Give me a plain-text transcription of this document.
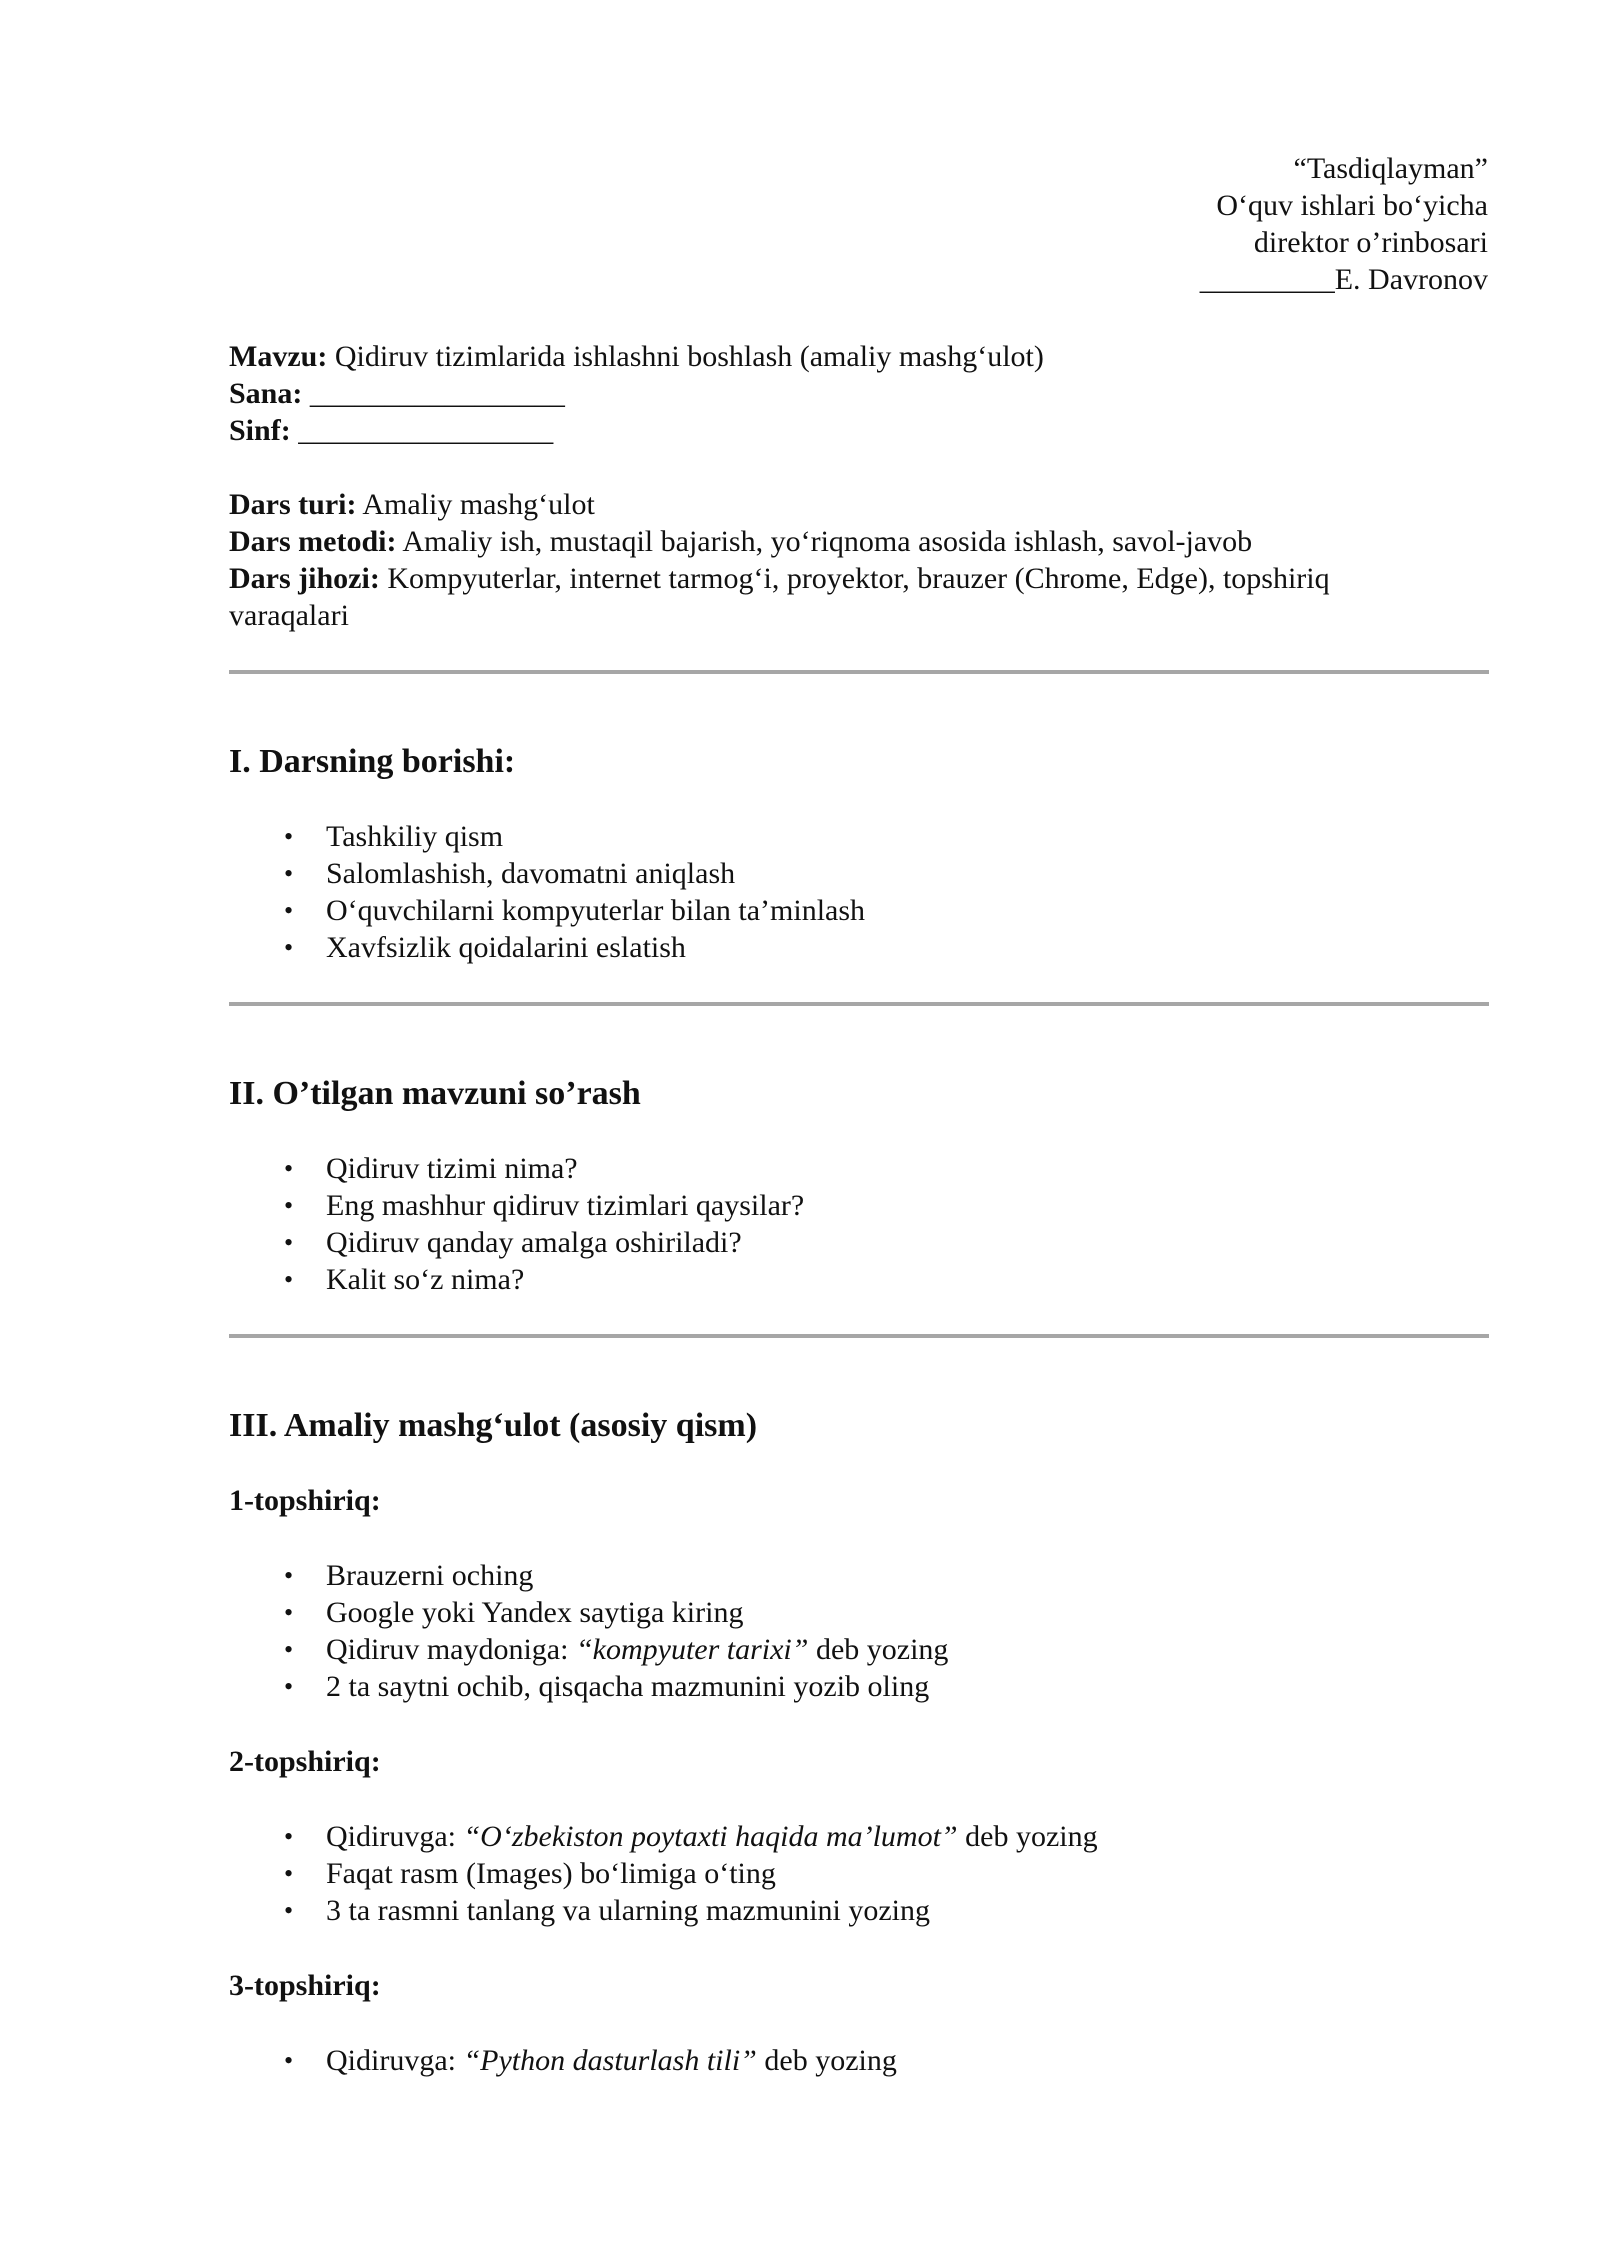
“Tasdiqlayman”
O‘quv ishlari bo‘yicha
direktor o’rinbosari
_________E. Davronov

Mavzu: Qidiruv tizimlarida ishlashni boshlash (amaliy mashg‘ulot)

Sana: _________________

Sinf: _________________

Dars turi: Amaliy mashg‘ulot

Dars metodi: Amaliy ish, mustaqil bajarish, yo‘riqnoma asosida ishlash, savol-javob

Dars jihozi: Kompyuterlar, internet tarmog‘i, proyektor, brauzer (Chrome, Edge), topshiriq

varaqalari

I. Darsning borishi:
• Tashkiliy qism
• Salomlashish, davomatni aniqlash
• O‘quvchilarni kompyuterlar bilan ta’minlash
• Xavfsizlik qoidalarini eslatish
II. O’tilgan mavzuni so’rash
• Qidiruv tizimi nima?
• Eng mashhur qidiruv tizimlari qaysilar?
• Qidiruv qanday amalga oshiriladi?
• Kalit so‘z nima?
III. Amaliy mashg‘ulot (asosiy qism)

1-topshiriq:

• Brauzerni oching
• Google yoki Yandex saytiga kiring
• Qidiruv maydoniga: “kompyuter tarixi” deb yozing
• 2 ta saytni ochib, qisqacha mazmunini yozib oling

2-topshiriq:

• Qidiruvga: “O‘zbekiston poytaxti haqida ma’lumot” deb yozing
• Faqat rasm (Images) bo‘limiga o‘ting
• 3 ta rasmni tanlang va ularning mazmunini yozing

3-topshiriq:

• Qidiruvga: “Python dasturlash tili” deb yozing
